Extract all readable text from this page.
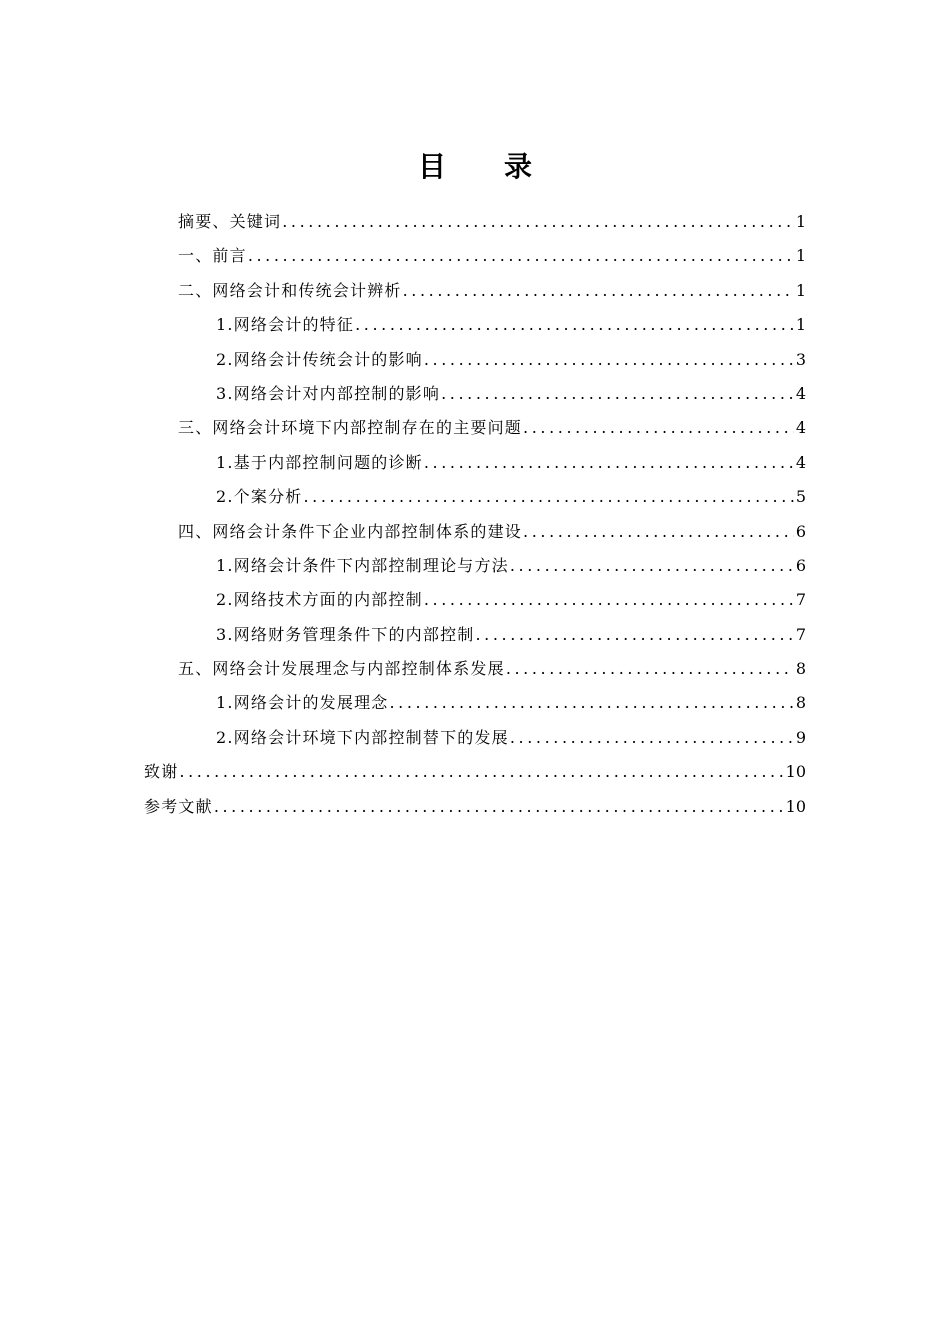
目录
摘要、关键词 .....	1
一、前言 .....	1
二、网络会计和传统会计辨析 .....	1
1.网络会计的特征 .....	1
2.网络会计传统会计的影响 .....	3
3.网络会计对内部控制的影响 .....	4
三、网络会计环境下内部控制存在的主要问题 .....	4
1.基于内部控制问题的诊断 .....	4
2.个案分析 .....	5
四、网络会计条件下企业内部控制体系的建设 .....	6
1.网络会计条件下内部控制理论与方法 .....	6
2.网络技术方面的内部控制 .....	7
3.网络财务管理条件下的内部控制 .....	7
五、网络会计发展理念与内部控制体系发展 .....	8
1.网络会计的发展理念 .....	8
2.网络会计环境下内部控制替下的发展 .....	9
致谢 .....	10
参考文献 .....	10
